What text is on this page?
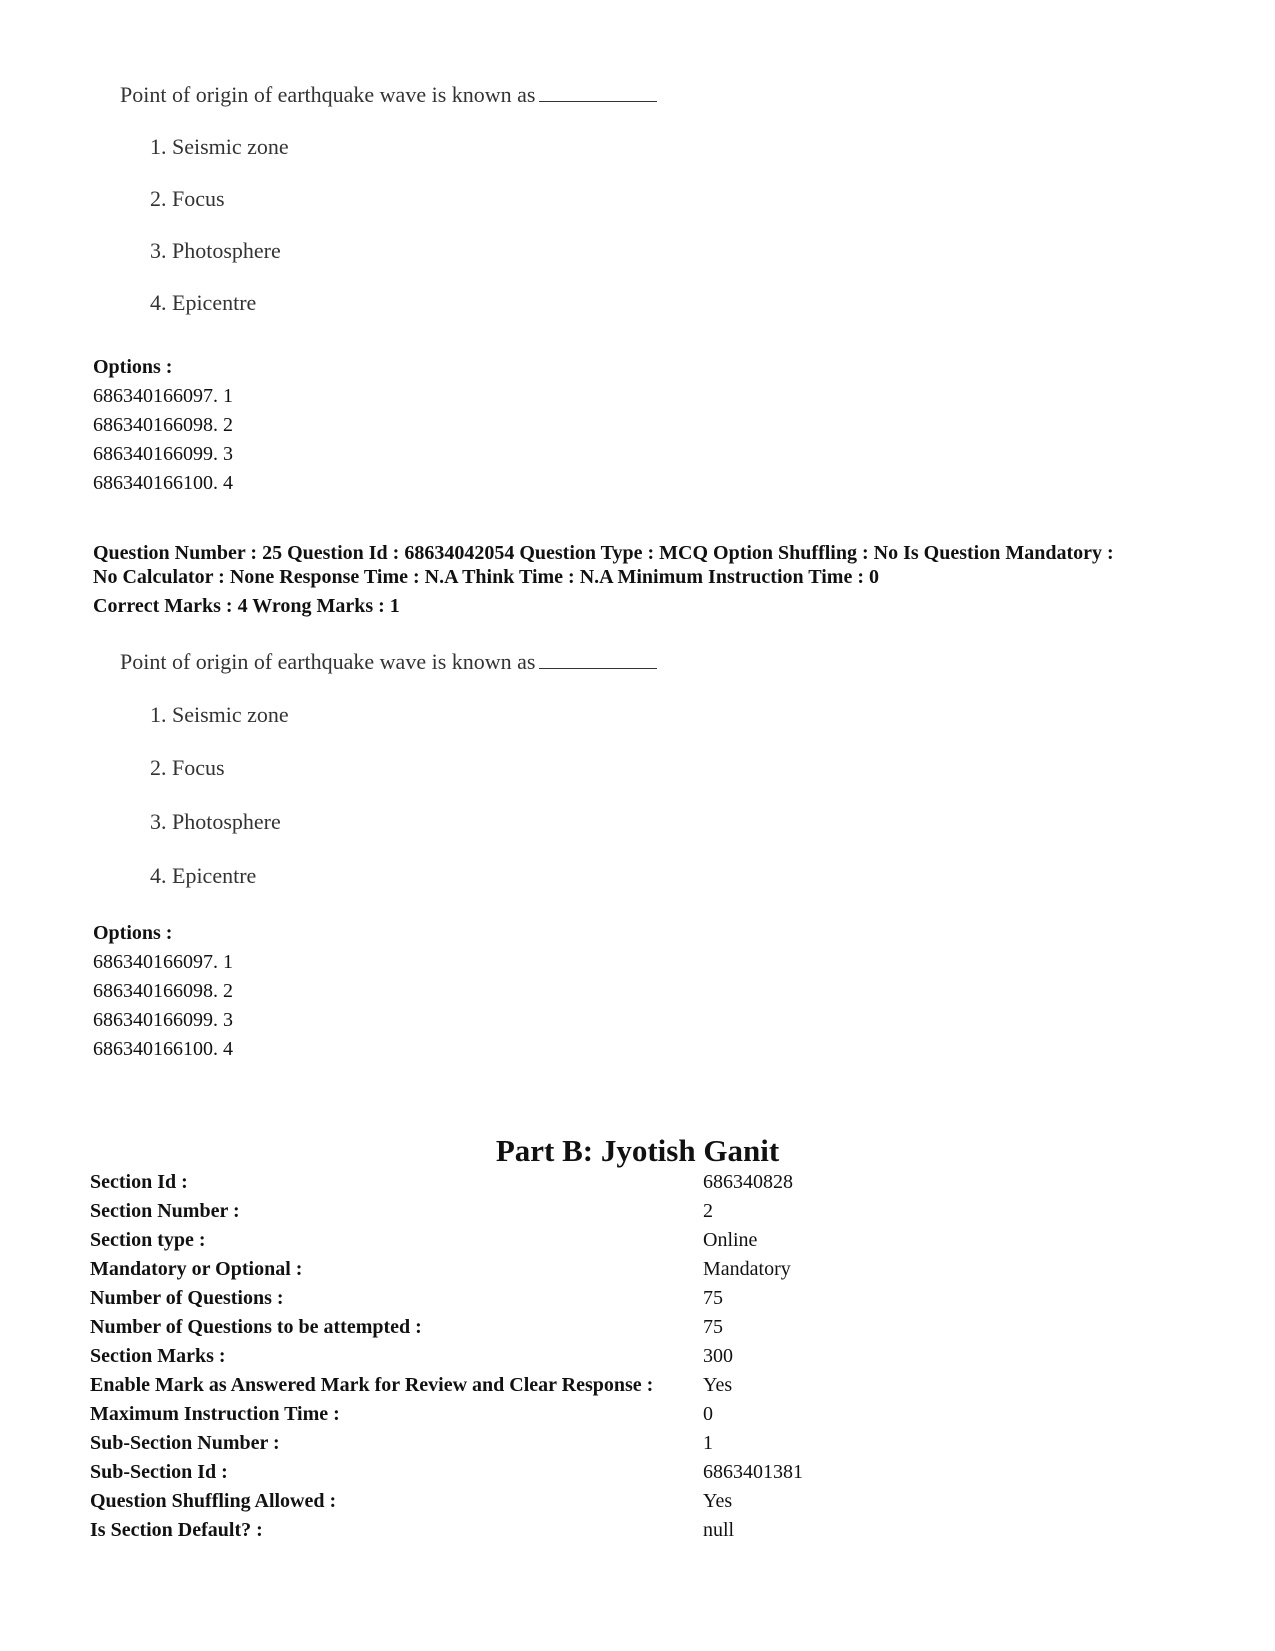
Point of origin of earthquake wave is known as
1. Seismic zone
2. Focus
3. Photosphere
4. Epicentre
Options :
686340166097. 1
686340166098. 2
686340166099. 3
686340166100. 4
Question Number : 25 Question Id : 68634042054 Question Type : MCQ Option Shuffling : No Is Question Mandatory :
No Calculator : None Response Time : N.A Think Time : N.A Minimum Instruction Time : 0
Correct Marks : 4 Wrong Marks : 1
Point of origin of earthquake wave is known as
1. Seismic zone
2. Focus
3. Photosphere
4. Epicentre
Options :
686340166097. 1
686340166098. 2
686340166099. 3
686340166100. 4
Part B: Jyotish Ganit
Section Id :	686340828
Section Number :	2
Section type :	Online
Mandatory or Optional :	Mandatory
Number of Questions :	75
Number of Questions to be attempted :	75
Section Marks :	300
Enable Mark as Answered Mark for Review and Clear Response : Yes
Maximum Instruction Time :	0
Sub-Section Number :	1
Sub-Section Id :	6863401381
Question Shuffling Allowed :	Yes
Is Section Default? :	null
